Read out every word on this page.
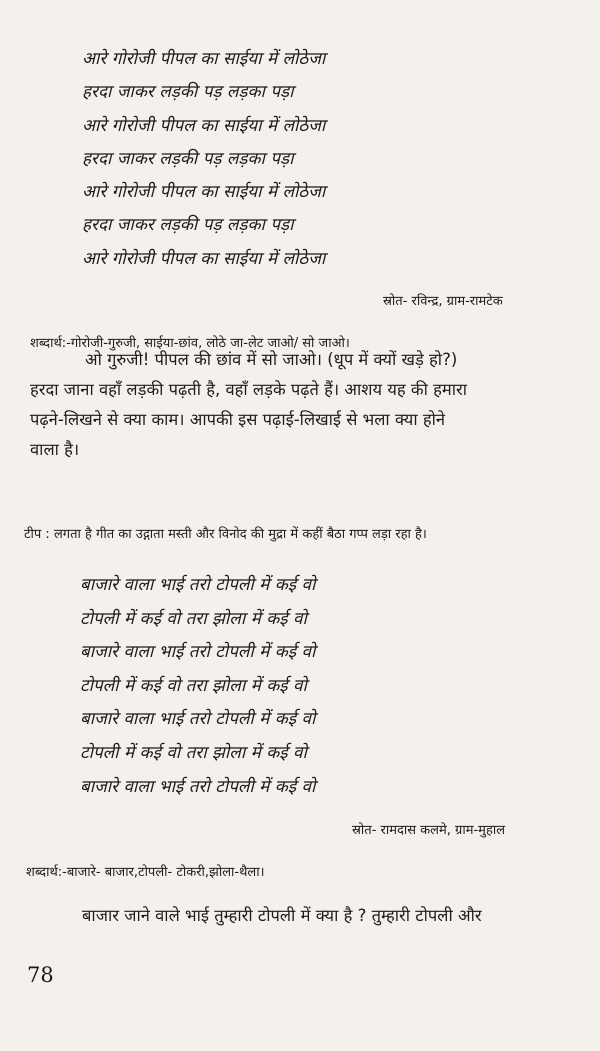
आरे गोरोजी पीपल का साईया में लोठेजा
हरदा जाकर लड़की पड़ लड़का पड़ा
आरे गोरोजी पीपल का साईया में लोठेजा
हरदा जाकर लड़की पड़ लड़का पड़ा
आरे गोरोजी पीपल का साईया में लोठेजा
हरदा जाकर लड़की पड़ लड़का पड़ा
आरे गोरोजी पीपल का साईया में लोठेजा
स्रोत- रविन्द्र, ग्राम-रामटेक
शब्दार्थ:-गोरोजी-गुरुजी, साईया-छांव, लोठे जा-लेट जाओ/ सो जाओ।
ओ गुरुजी! पीपल की छांव में सो जाओ। (धूप में क्यों खड़े हो?)
हरदा जाना वहाँ लड़की पढ़ती है, वहाँ लड़के पढ़ते हैं। आशय यह की हमारा
पढ़ने-लिखने से क्या काम। आपकी इस पढ़ाई-लिखाई से भला क्या होने
वाला है।
टीप : लगता है गीत का उद्गाता मस्ती और विनोद की मुद्रा में कहीं बैठा गप्प लड़ा रहा है।
बाजारे वाला भाई तरो टोपली में कई वो
टोपली में कई वो तरा झोला में कई वो
बाजारे वाला भाई तरो टोपली में कई वो
टोपली में कई वो तरा झोला में कई वो
बाजारे वाला भाई तरो टोपली में कई वो
टोपली में कई वो तरा झोला में कई वो
बाजारे वाला भाई तरो टोपली में कई वो
स्रोत- रामदास कलमे, ग्राम-मुहाल
शब्दार्थ:-बाजारे- बाजार,टोपली- टोकरी,झोला-थैला।
बाजार जाने वाले भाई तुम्हारी टोपली में क्या है ? तुम्हारी टोपली और
78
